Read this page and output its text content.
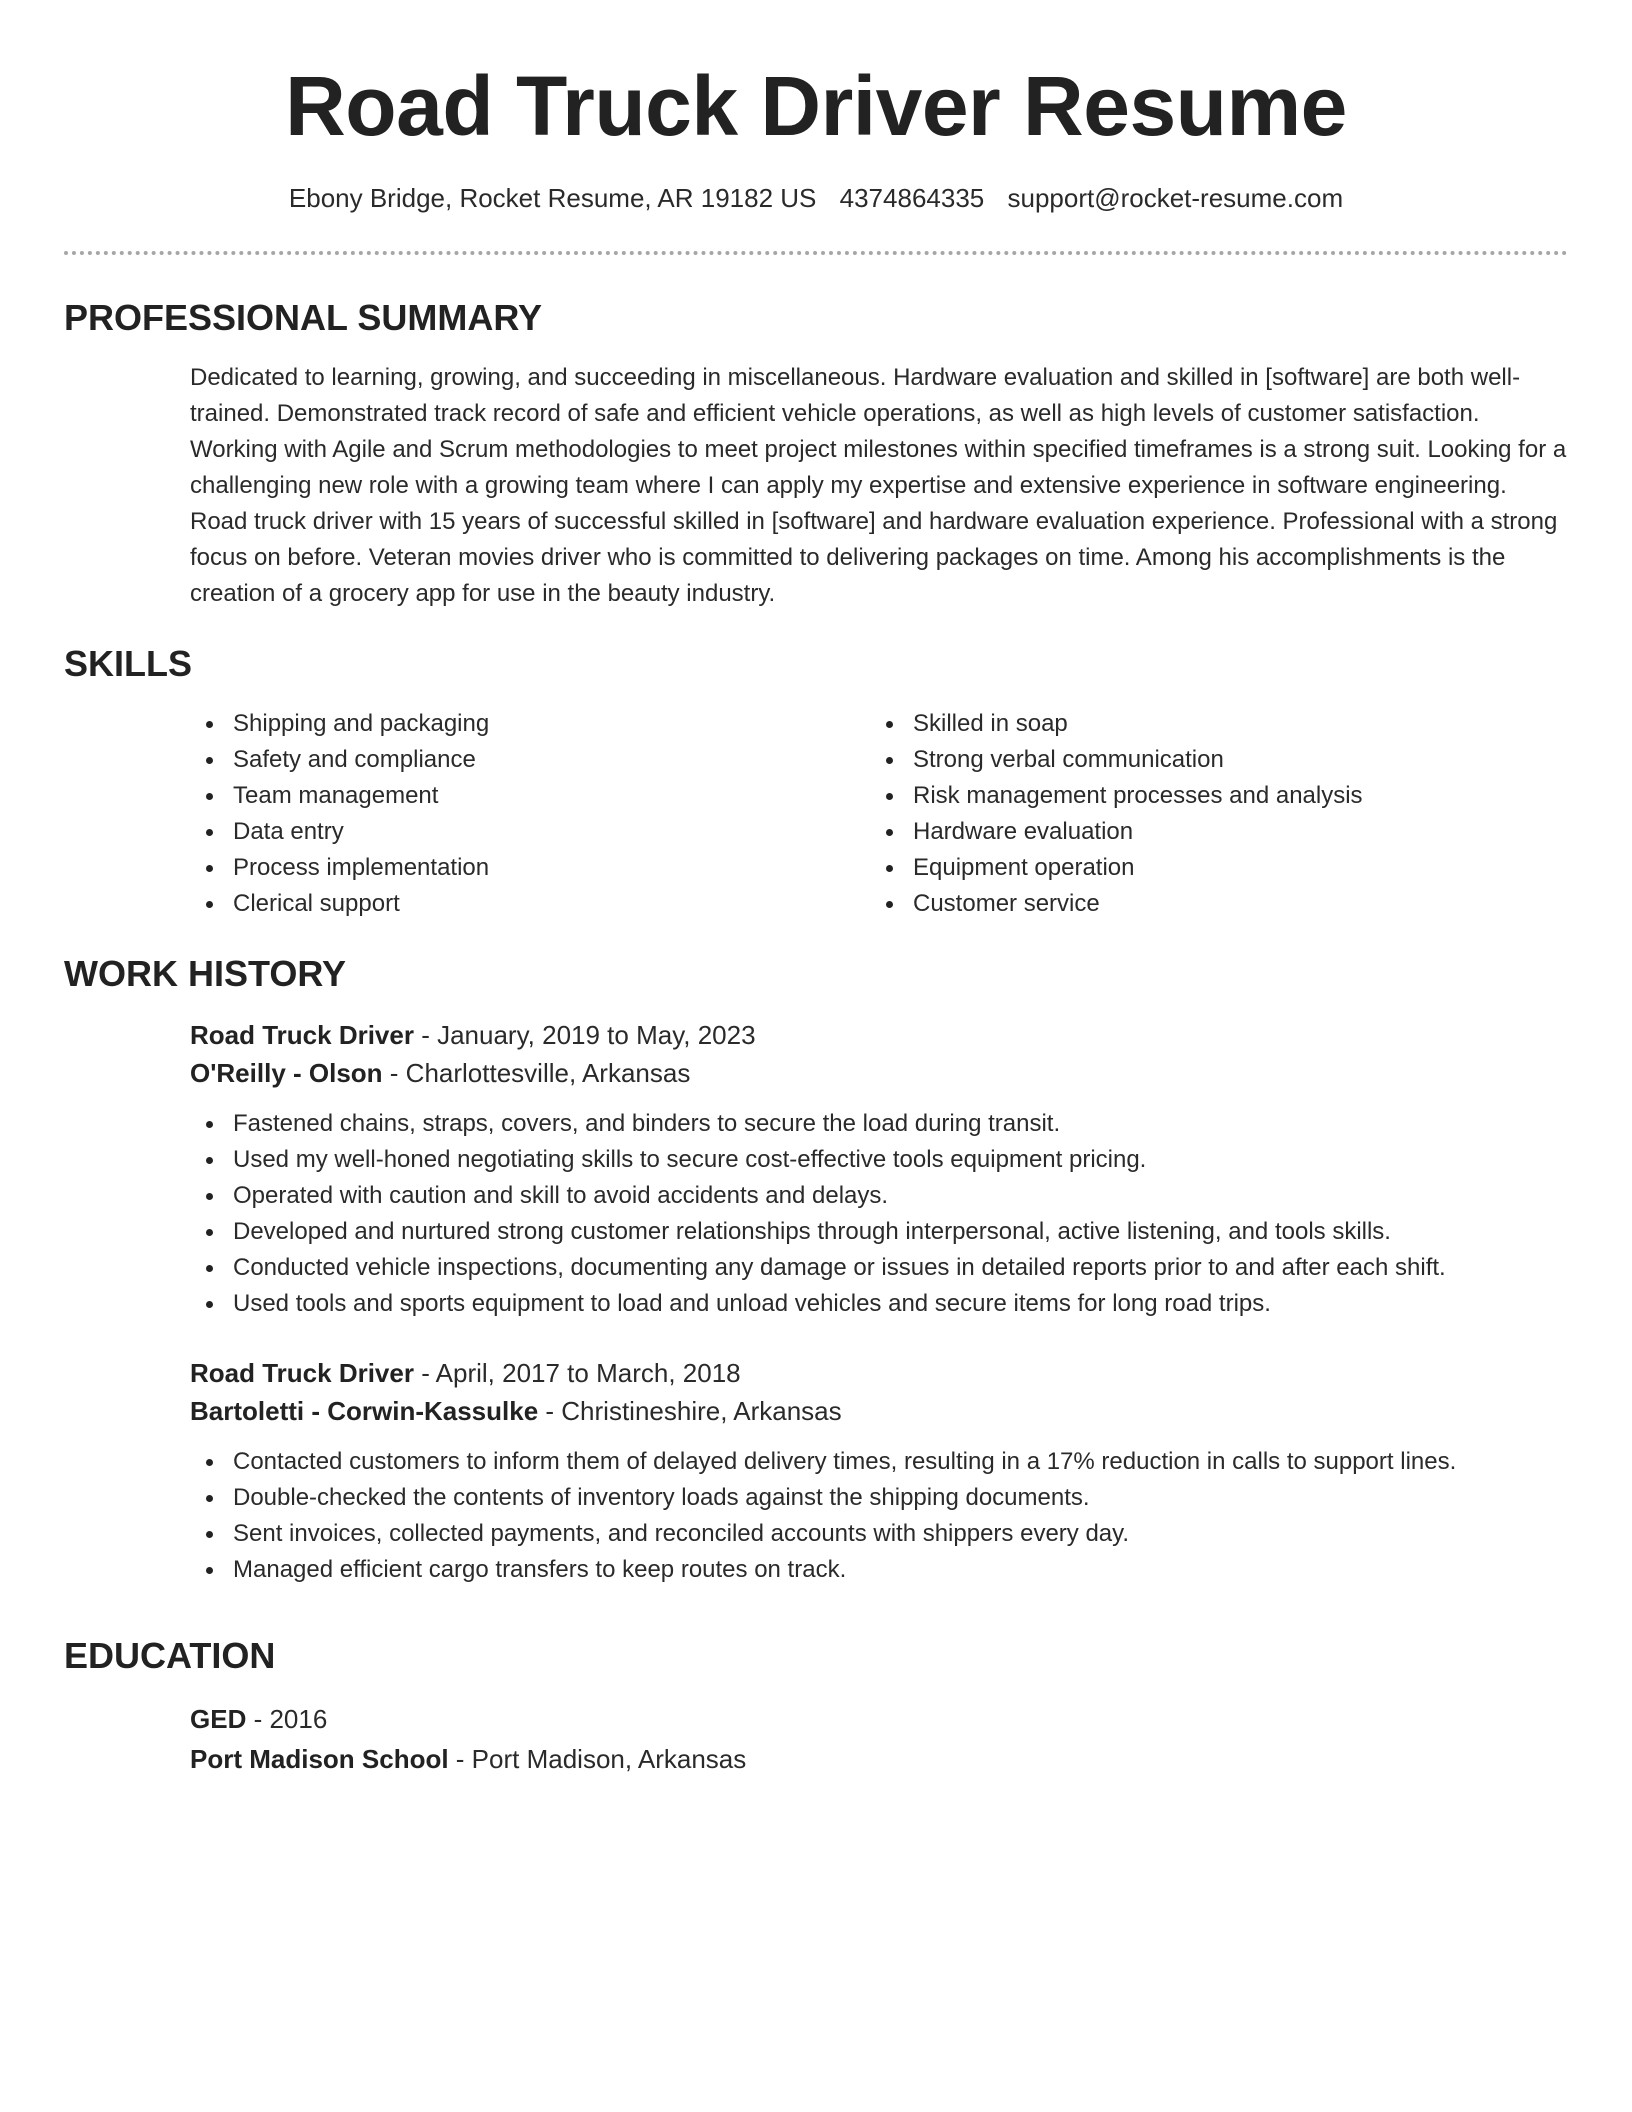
Road Truck Driver Resume
Ebony Bridge, Rocket Resume, AR 19182 US 4374864335 support@rocket-resume.com
PROFESSIONAL SUMMARY

Dedicated to learning, growing, and succeeding in miscellaneous. Hardware evaluation and skilled in [software] are both well-trained. Demonstrated track record of safe and efficient vehicle operations, as well as high levels of customer satisfaction. Working with Agile and Scrum methodologies to meet project milestones within specified timeframes is a strong suit. Looking for a challenging new role with a growing team where I can apply my expertise and extensive experience in software engineering. Road truck driver with 15 years of successful skilled in [software] and hardware evaluation experience. Professional with a strong focus on before. Veteran movies driver who is committed to delivering packages on time. Among his accomplishments is the creation of a grocery app for use in the beauty industry.

SKILLS
Shipping and packaging
Safety and compliance
Team management
Data entry
Process implementation
Clerical support
Skilled in soap
Strong verbal communication
Risk management processes and analysis
Hardware evaluation
Equipment operation
Customer service
WORK HISTORY

Road Truck Driver - January, 2019 to May, 2023

O'Reilly - Olson - Charlottesville, Arkansas

Fastened chains, straps, covers, and binders to secure the load during transit.
Used my well-honed negotiating skills to secure cost-effective tools equipment pricing.
Operated with caution and skill to avoid accidents and delays.
Developed and nurtured strong customer relationships through interpersonal, active listening, and tools skills.
Conducted vehicle inspections, documenting any damage or issues in detailed reports prior to and after each shift.
Used tools and sports equipment to load and unload vehicles and secure items for long road trips.

Road Truck Driver - April, 2017 to March, 2018

Bartoletti - Corwin-Kassulke - Christineshire, Arkansas

Contacted customers to inform them of delayed delivery times, resulting in a 17% reduction in calls to support lines.
Double-checked the contents of inventory loads against the shipping documents.
Sent invoices, collected payments, and reconciled accounts with shippers every day.
Managed efficient cargo transfers to keep routes on track.
EDUCATION

GED - 2016

Port Madison School - Port Madison, Arkansas
